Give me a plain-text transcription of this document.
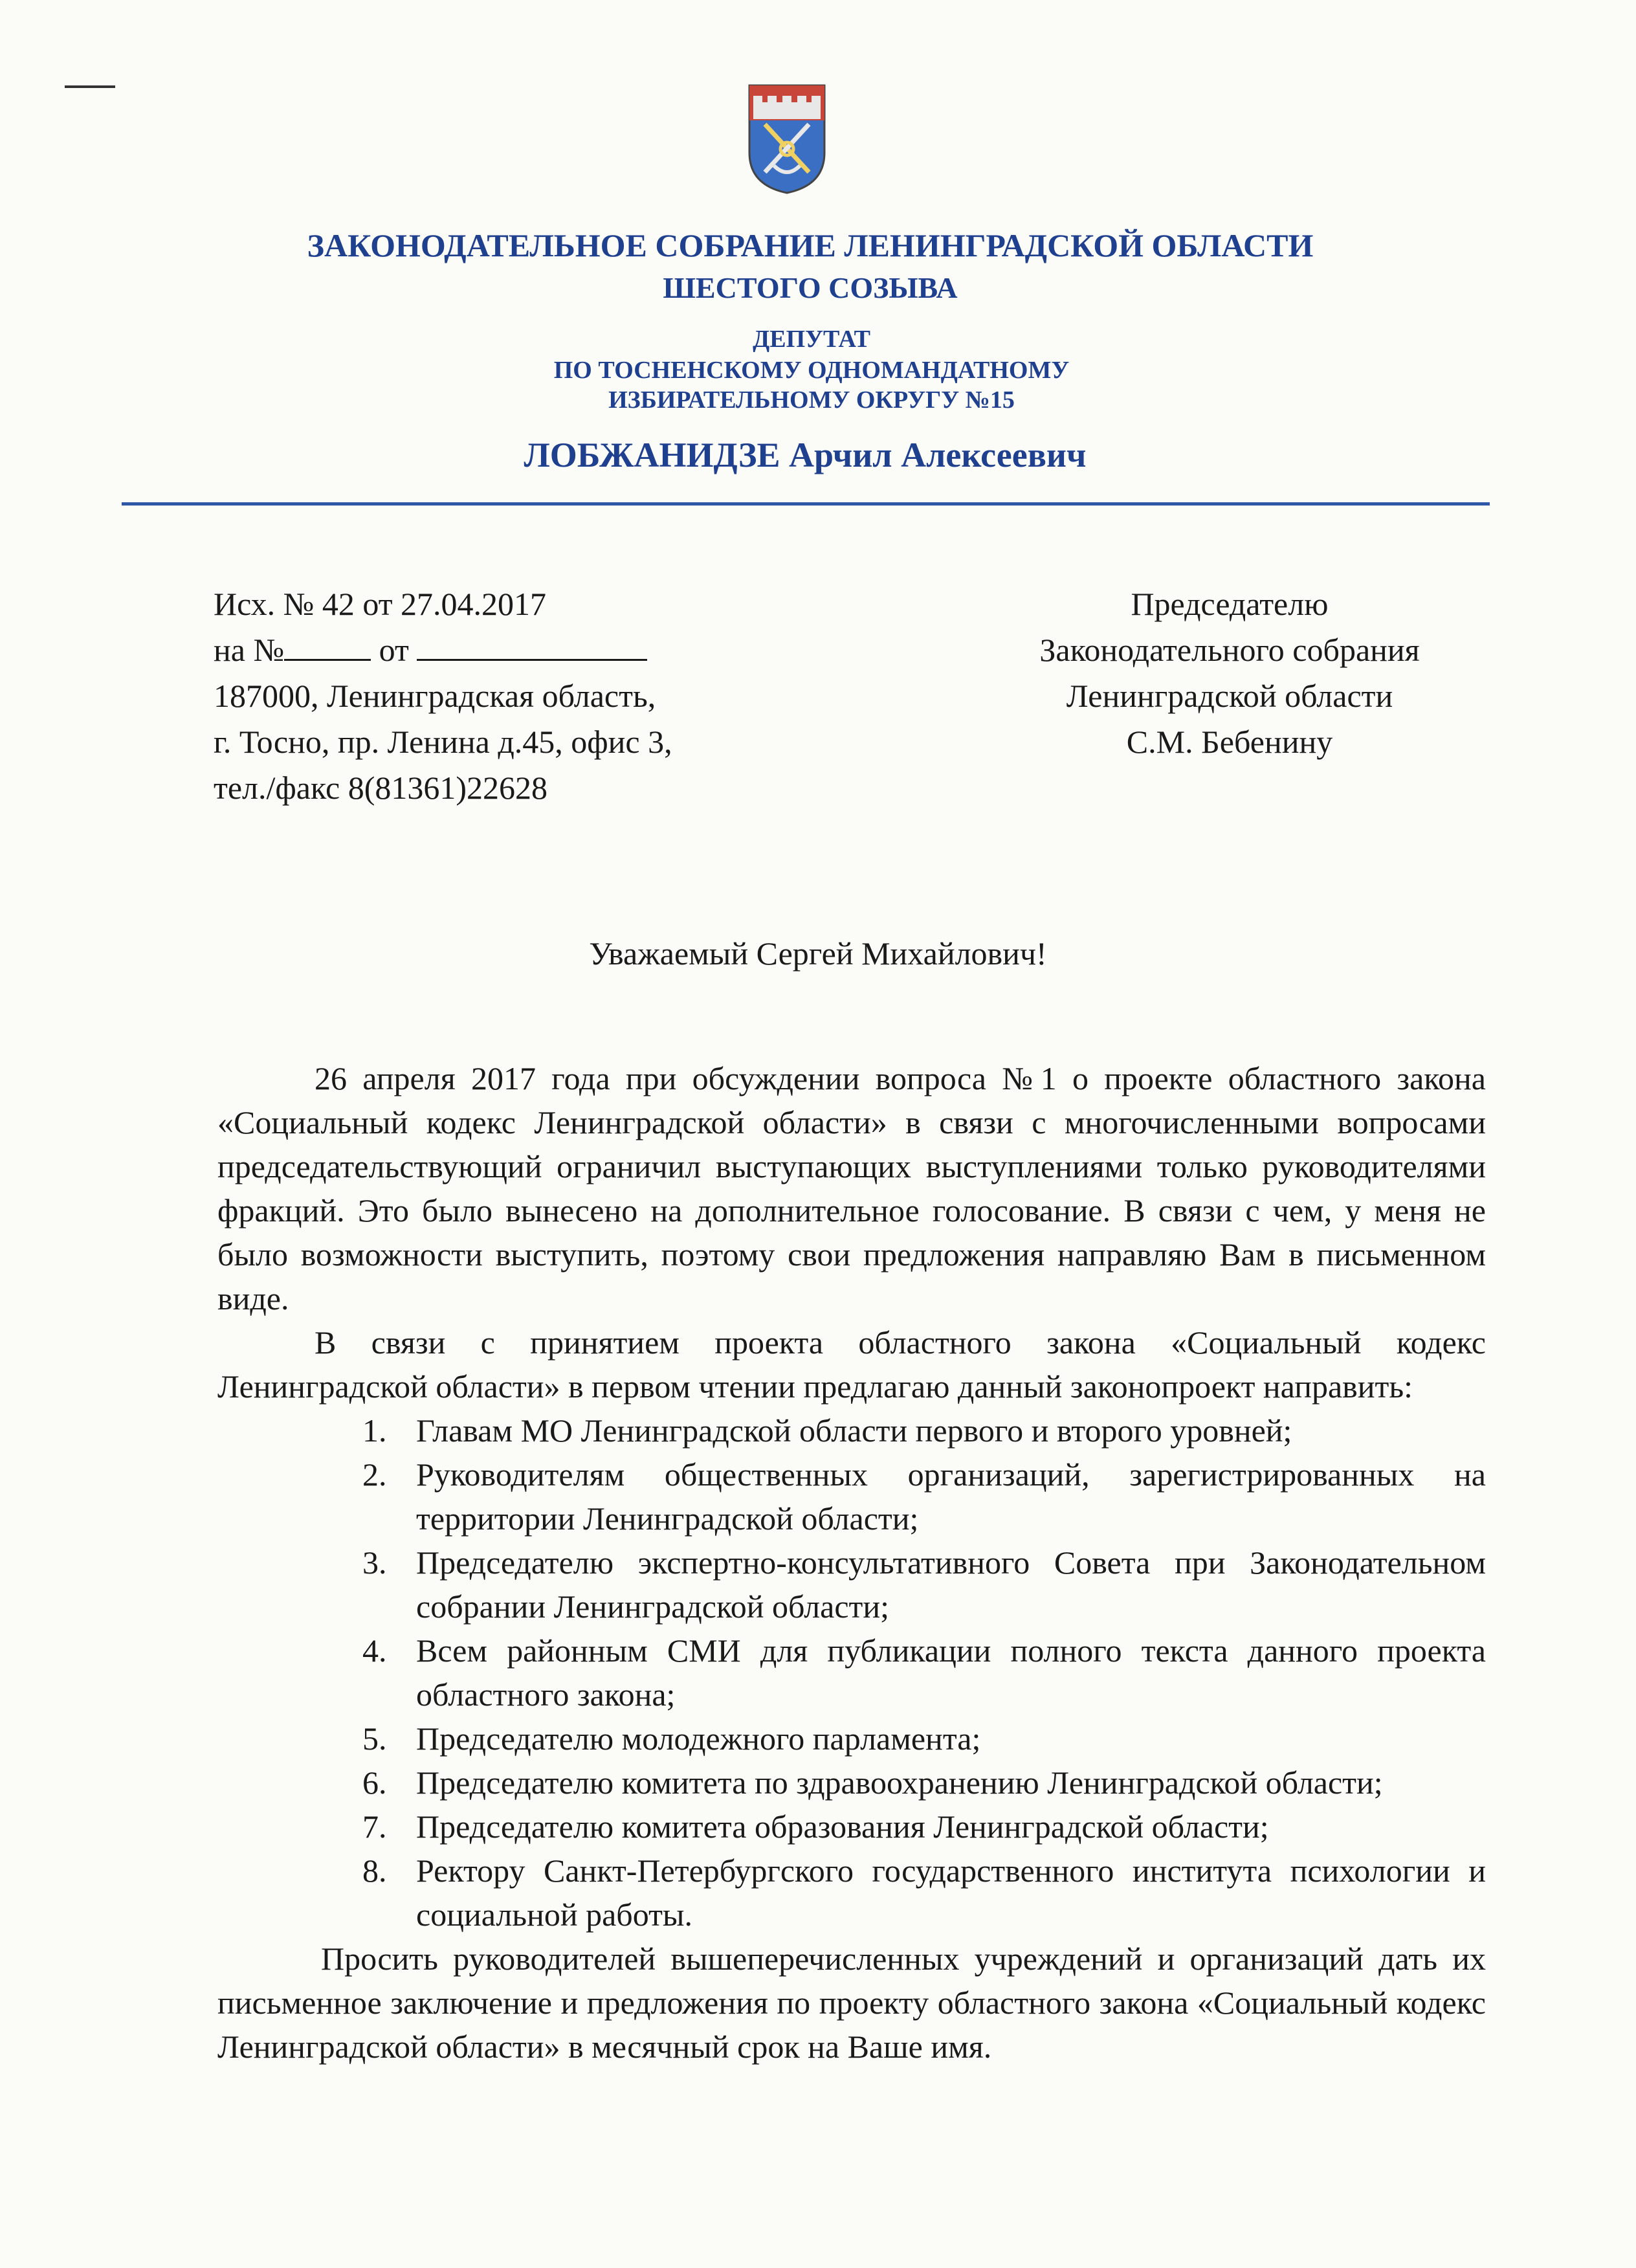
ЗАКОНОДАТЕЛЬНОЕ СОБРАНИЕ ЛЕНИНГРАДСКОЙ ОБЛАСТИ
ШЕСТОГО СОЗЫВА
ДЕПУТАТ
ПО ТОСНЕНСКОМУ ОДНОМАНДАТНОМУ
ИЗБИРАТЕЛЬНОМУ ОКРУГУ №15
ЛОБЖАНИДЗЕ Арчил Алексеевич
Исх. № 42 от 27.04.2017
на №	от
187000, Ленинградская область,
г. Тосно, пр. Ленина д.45, офис 3,
тел./факс 8(81361)22628
Председателю
Законодательного собрания
Ленинградской области
С.М. Бебенину
Уважаемый Сергей Михайлович!

26 апреля 2017 года при обсуждении вопроса №1 о проекте областного закона «Социальный кодекс Ленинградской области» в связи с многочисленными вопросами председательствующий ограничил выступающих выступлениями только руководителями фракций. Это было вынесено на дополнительное голосование. В связи с чем, у меня не было возможности выступить, поэтому свои предложения направляю Вам в письменном виде.

В связи с принятием проекта областного закона «Социальный кодекс Ленинградской области» в первом чтении предлагаю данный законопроект направить:

1. Главам МО Ленинградской области первого и второго уровней;
2. Руководителям общественных организаций, зарегистрированных на территории Ленинградской области;
3. Председателю экспертно-консультативного Совета при Законодательном собрании Ленинградской области;
4. Всем районным СМИ для публикации полного текста данного проекта областного закона;
5. Председателю молодежного парламента;
6. Председателю комитета по здравоохранению Ленинградской области;
7. Председателю комитета образования Ленинградской области;
8. Ректору Санкт-Петербургского государственного института психологии и социальной работы.

Просить руководителей вышеперечисленных учреждений и организаций дать их письменное заключение и предложения по проекту областного закона «Социальный кодекс Ленинградской области» в месячный срок на Ваше имя.
